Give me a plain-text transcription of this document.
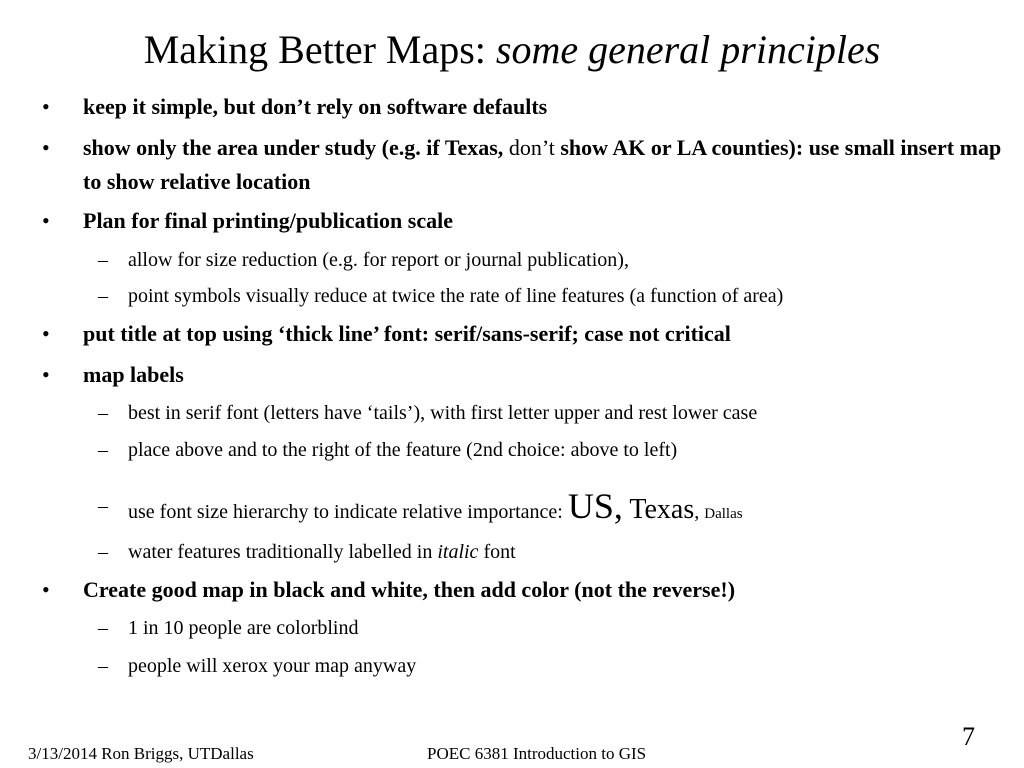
Making Better Maps: some general principles
• keep it simple, but don’t rely on software defaults
• show only the area under study (e.g. if Texas, don’t show AK or LA counties): use small insert map to show relative location
• Plan for final printing/publication scale
– allow for size reduction (e.g. for report or journal publication),
– point symbols visually reduce at twice the rate of line features (a function of area)
• put title at top using ‘thick line’ font: serif/sans-serif; case not critical
• map labels
– best in serif font (letters have ‘tails’), with first letter upper and rest lower case
– place above and to the right of the feature (2nd choice: above to left)
– use font size hierarchy to indicate relative importance: US, Texas, Dallas
– water features traditionally labelled in italic font
• Create good map in black and white, then add color (not the reverse!)
– 1 in 10 people are colorblind
– people will xerox your map anyway
7
3/13/2014 Ron Briggs, UTDallas	POEC 6381 Introduction to GIS
